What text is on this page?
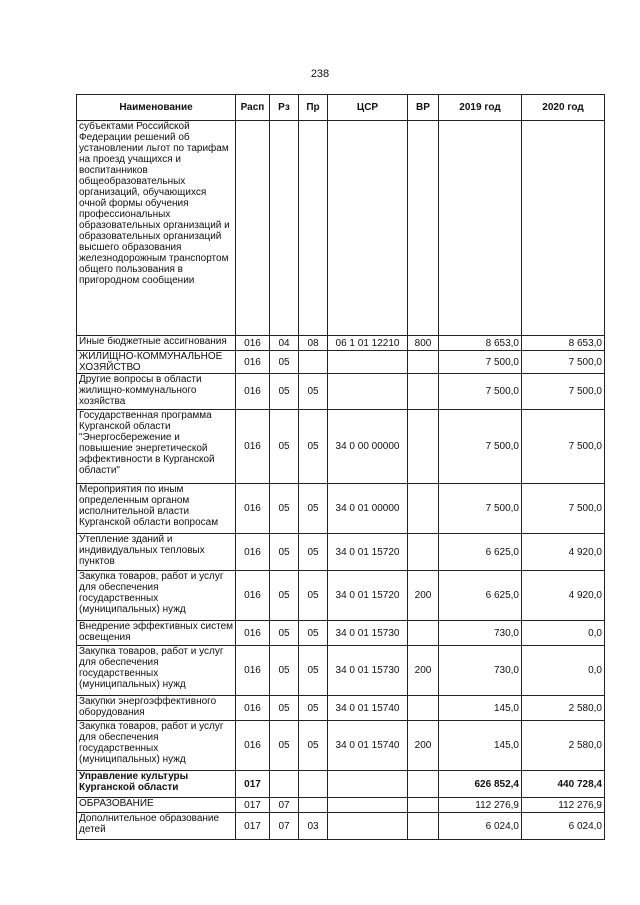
238
Наименование	Расп	Рз	Пр	ЦСР	ВР	2019 год	2020 год
субъектами Российской Федерации решений об установлении льгот по тарифам на проезд учащихся и воспитанников общеобразовательных организаций, обучающихся очной формы обучения профессиональных образовательных организаций и образовательных организаций высшего образования железнодорожным транспортом общего пользования в пригородном сообщении							
Иные бюджетные ассигнования	016	04	08	06 1 01 12210	800	8 653,0	8 653,0
ЖИЛИЩНО-КОММУНАЛЬНОЕ ХОЗЯЙСТВО	016	05				7 500,0	7 500,0
Другие вопросы в области жилищно-коммунального хозяйства	016	05	05			7 500,0	7 500,0
Государственная программа Курганской области "Энергосбережение и повышение энергетической эффективности в Курганской области"	016	05	05	34 0 00 00000		7 500,0	7 500,0
Мероприятия по иным определенным органом исполнительной власти Курганской области вопросам	016	05	05	34 0 01 00000		7 500,0	7 500,0
Утепление зданий и индивидуальных тепловых пунктов	016	05	05	34 0 01 15720		6 625,0	4 920,0
Закупка товаров, работ и услуг для обеспечения государственных (муниципальных) нужд	016	05	05	34 0 01 15720	200	6 625,0	4 920,0
Внедрение эффективных систем освещения	016	05	05	34 0 01 15730		730,0	0,0
Закупка товаров, работ и услуг для обеспечения государственных (муниципальных) нужд	016	05	05	34 0 01 15730	200	730,0	0,0
Закупки энергоэффективного оборудования	016	05	05	34 0 01 15740		145,0	2 580,0
Закупка товаров, работ и услуг для обеспечения государственных (муниципальных) нужд	016	05	05	34 0 01 15740	200	145,0	2 580,0
Управление культуры Курганской области	017					626 852,4	440 728,4
ОБРАЗОВАНИЕ	017	07				112 276,9	112 276,9
Дополнительное образование детей	017	07	03			6 024,0	6 024,0
